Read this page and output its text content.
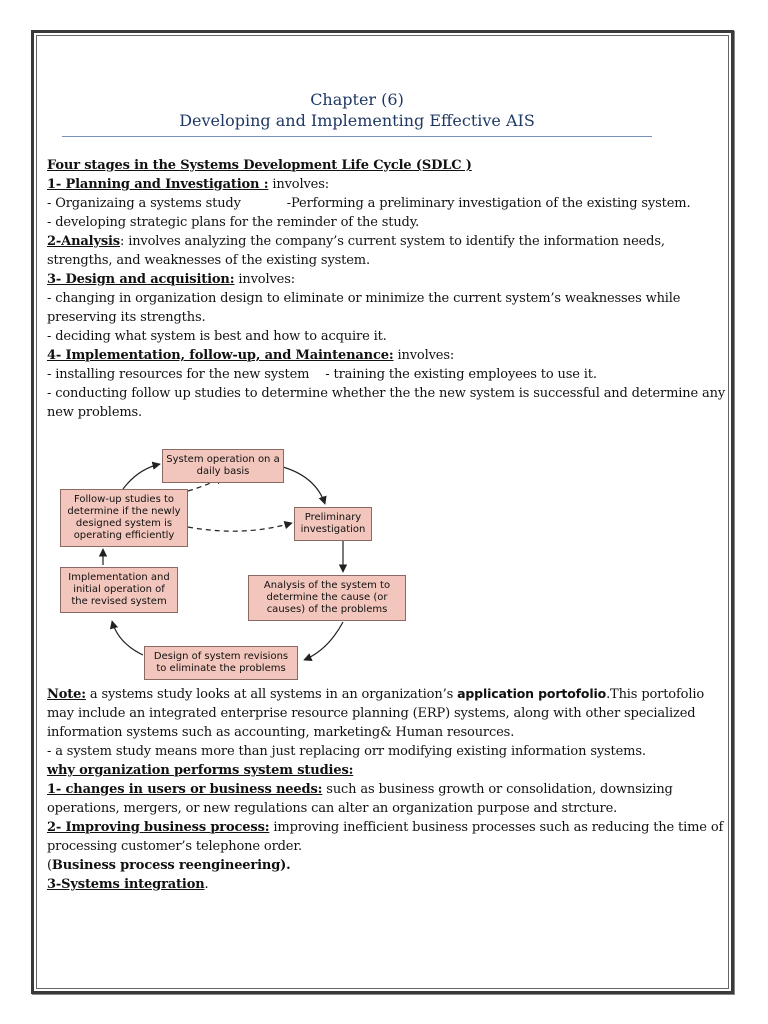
Chapter (6)
Developing and Implementing Effective AIS

Four stages in the Systems Development Life Cycle (SDLC )

1- Planning and Investigation : involves:

- Organizaing a systems study	-Performing a preliminary investigation of the existing system.

- developing strategic plans for the reminder of the study.

2-Analysis: involves analyzing the company’s current system to identify the information needs, strengths, and weaknesses of the existing system.

3- Design and acquisition: involves:

- changing in organization design to eliminate or minimize the current system’s weaknesses while preserving its strengths.

- deciding what system is best and how to acquire it.

4- Implementation, follow-up, and Maintenance: involves:

- installing resources for the new system - training the existing employees to use it.

- conducting follow up studies to determine whether the the new system is successful and determine any new problems.

System operation on a daily basis
Preliminary investigation
Analysis of the system to determine the cause (or causes) of the problems
Design of system revisions to eliminate the problems
Implementation and initial operation of the revised system
Follow-up studies to determine if the newly designed system is operating efficiently

Note: a systems study looks at all systems in an organization’s application portofolio.This portofolio may include an integrated enterprise resource planning (ERP) systems, along with other specialized information systems such as accounting, marketing& Human resources.

- a system study means more than just replacing orr modifying existing information systems.

why organization performs system studies:

1- changes in users or business needs: such as business growth or consolidation, downsizing operations, mergers, or new regulations can alter an organization purpose and strcture.

2- Improving business process: improving inefficient business processes such as reducing the time of processing customer’s telephone order.

(Business process reengineering).

3-Systems integration.
